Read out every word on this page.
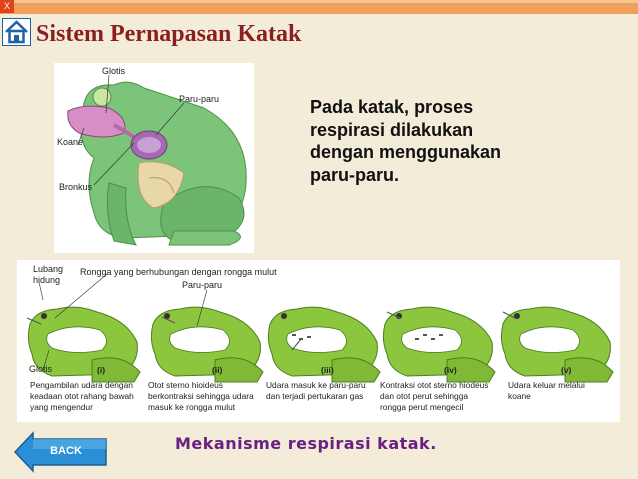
X
Sistem Pernapasan Katak
Glotis
Paru-paru
Koane
Bronkus
Pada katak, proses respirasi dilakukan dengan menggunakan paru-paru.
Lubang hidung
Rongga yang berhubungan dengan rongga mulut
Paru-paru
Glotis	(i)	(ii)	(iii)	(iv)	(v)
Pengambilan udara dengan keadaan otot rahang bawah yang mengendur
Otot sterno hioideus berkontraksi sehingga udara masuk ke rongga mulut
Udara masuk ke paru-paru dan terjadi pertukaran gas
Kontraksi otot sterno hiodeus dan otot perut sehingga rongga perut mengecil
Udara keluar melalui koane
BACK	Mekanisme respirasi katak.
